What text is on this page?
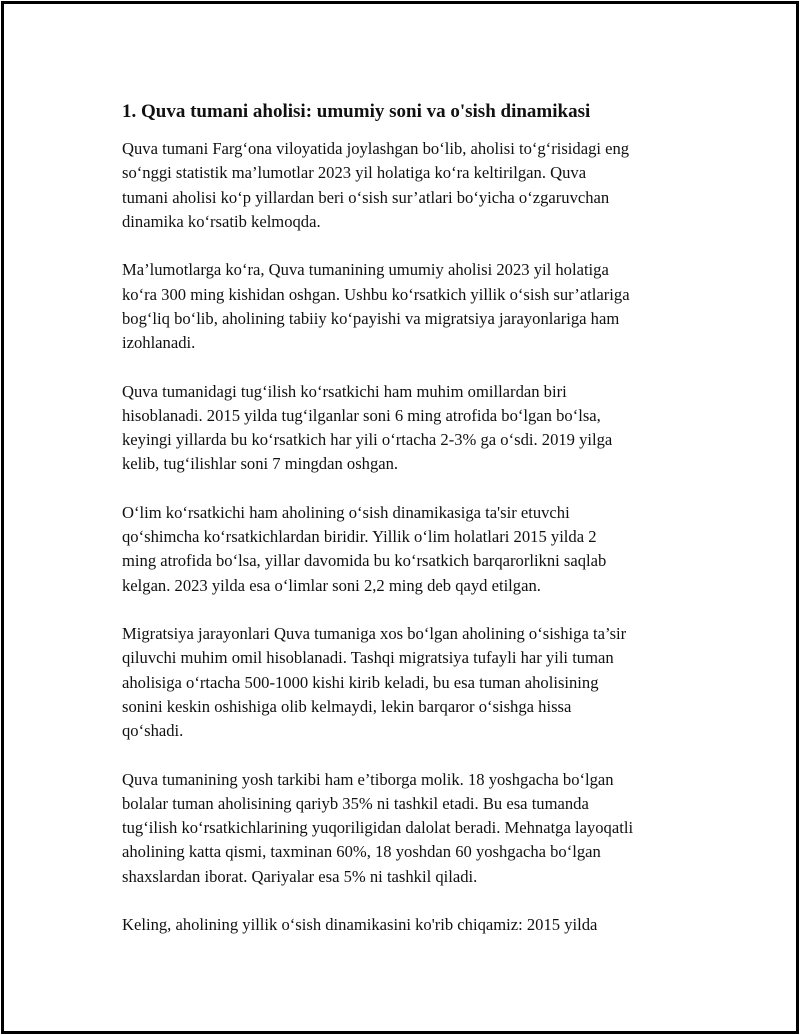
1. Quva tumani aholisi: umumiy soni va o'sish dinamikasi

Quva tumani Farg‘ona viloyatida joylashgan bo‘lib, aholisi to‘g‘risidagi eng
so‘nggi statistik ma’lumotlar 2023 yil holatiga ko‘ra keltirilgan. Quva
tumani aholisi ko‘p yillardan beri o‘sish sur’atlari bo‘yicha o‘zgaruvchan
dinamika ko‘rsatib kelmoqda.

Ma’lumotlarga ko‘ra, Quva tumanining umumiy aholisi 2023 yil holatiga
ko‘ra 300 ming kishidan oshgan. Ushbu ko‘rsatkich yillik o‘sish sur’atlariga
bog‘liq bo‘lib, aholining tabiiy ko‘payishi va migratsiya jarayonlariga ham
izohlanadi.

Quva tumanidagi tug‘ilish ko‘rsatkichi ham muhim omillardan biri
hisoblanadi. 2015 yilda tug‘ilganlar soni 6 ming atrofida bo‘lgan bo‘lsa,
keyingi yillarda bu ko‘rsatkich har yili o‘rtacha 2-3% ga o‘sdi. 2019 yilga
kelib, tug‘ilishlar soni 7 mingdan oshgan.

O‘lim ko‘rsatkichi ham aholining o‘sish dinamikasiga ta'sir etuvchi
qo‘shimcha ko‘rsatkichlardan biridir. Yillik o‘lim holatlari 2015 yilda 2
ming atrofida bo‘lsa, yillar davomida bu ko‘rsatkich barqarorlikni saqlab
kelgan. 2023 yilda esa o‘limlar soni 2,2 ming deb qayd etilgan.

Migratsiya jarayonlari Quva tumaniga xos bo‘lgan aholining o‘sishiga ta’sir
qiluvchi muhim omil hisoblanadi. Tashqi migratsiya tufayli har yili tuman
aholisiga o‘rtacha 500-1000 kishi kirib keladi, bu esa tuman aholisining
sonini keskin oshishiga olib kelmaydi, lekin barqaror o‘sishga hissa
qo‘shadi.

Quva tumanining yosh tarkibi ham e’tiborga molik. 18 yoshgacha bo‘lgan
bolalar tuman aholisining qariyb 35% ni tashkil etadi. Bu esa tumanda
tug‘ilish ko‘rsatkichlarining yuqoriligidan dalolat beradi. Mehnatga layoqatli
aholining katta qismi, taxminan 60%, 18 yoshdan 60 yoshgacha bo‘lgan
shaxslardan iborat. Qariyalar esa 5% ni tashkil qiladi.

Keling, aholining yillik o‘sish dinamikasini ko'rib chiqamiz: 2015 yilda
